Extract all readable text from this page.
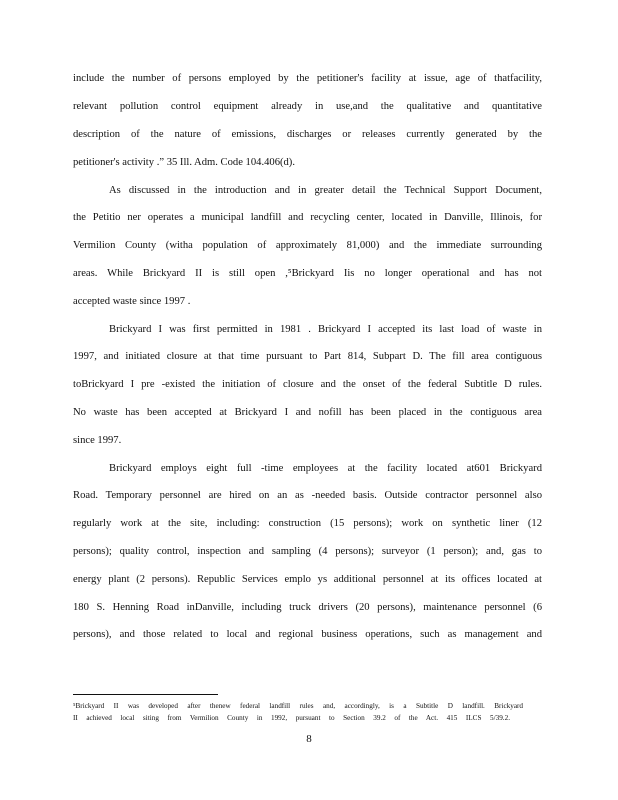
include the number of persons employed by the petitioner's facility at issue, age of thatfacility,
relevant pollution control equipment already in use,and the qualitative and quantitative
description of the nature of emissions, discharges or releases currently generated by the
petitioner's activity .” 35 Ill. Adm. Code 104.406(d).
As discussed in the introduction and in greater detail the Technical Support Document,
the Petitio ner operates a municipal landfill and recycling center, located in Danville, Illinois, for
Vermilion County (witha population of approximately 81,000) and the immediate surrounding
areas. While Brickyard II is still open ,⁵Brickyard Iis no longer operational and has not
accepted waste since 1997 .
Brickyard I was first permitted in 1981 . Brickyard I accepted its last load of waste in
1997, and initiated closure at that time pursuant to Part 814, Subpart D. The fill area contiguous
toBrickyard I pre -existed the initiation of closure and the onset of the federal Subtitle D rules.
No waste has been accepted at Brickyard I and nofill has been placed in the contiguous area
since 1997.
Brickyard employs eight full -time employees at the facility located at601 Brickyard
Road. Temporary personnel are hired on an as -needed basis. Outside contractor personnel also
regularly work at the site, including: construction (15 persons); work on synthetic liner (12
persons); quality control, inspection and sampling (4 persons); surveyor (1 person); and, gas to
energy plant (2 persons). Republic Services emplo ys additional personnel at its offices located at
180 S. Henning Road inDanville, including truck drivers (20 persons), maintenance personnel (6
persons), and those related to local and regional business operations, such as management and
⁵Brickyard II was developed after thenew federal landfill rules and, accordingly, is a Subtitle D landfill. Brickyard
II achieved local siting from Vermilion County in 1992, pursuant to Section 39.2 of the Act. 415 ILCS 5/39.2.
8
